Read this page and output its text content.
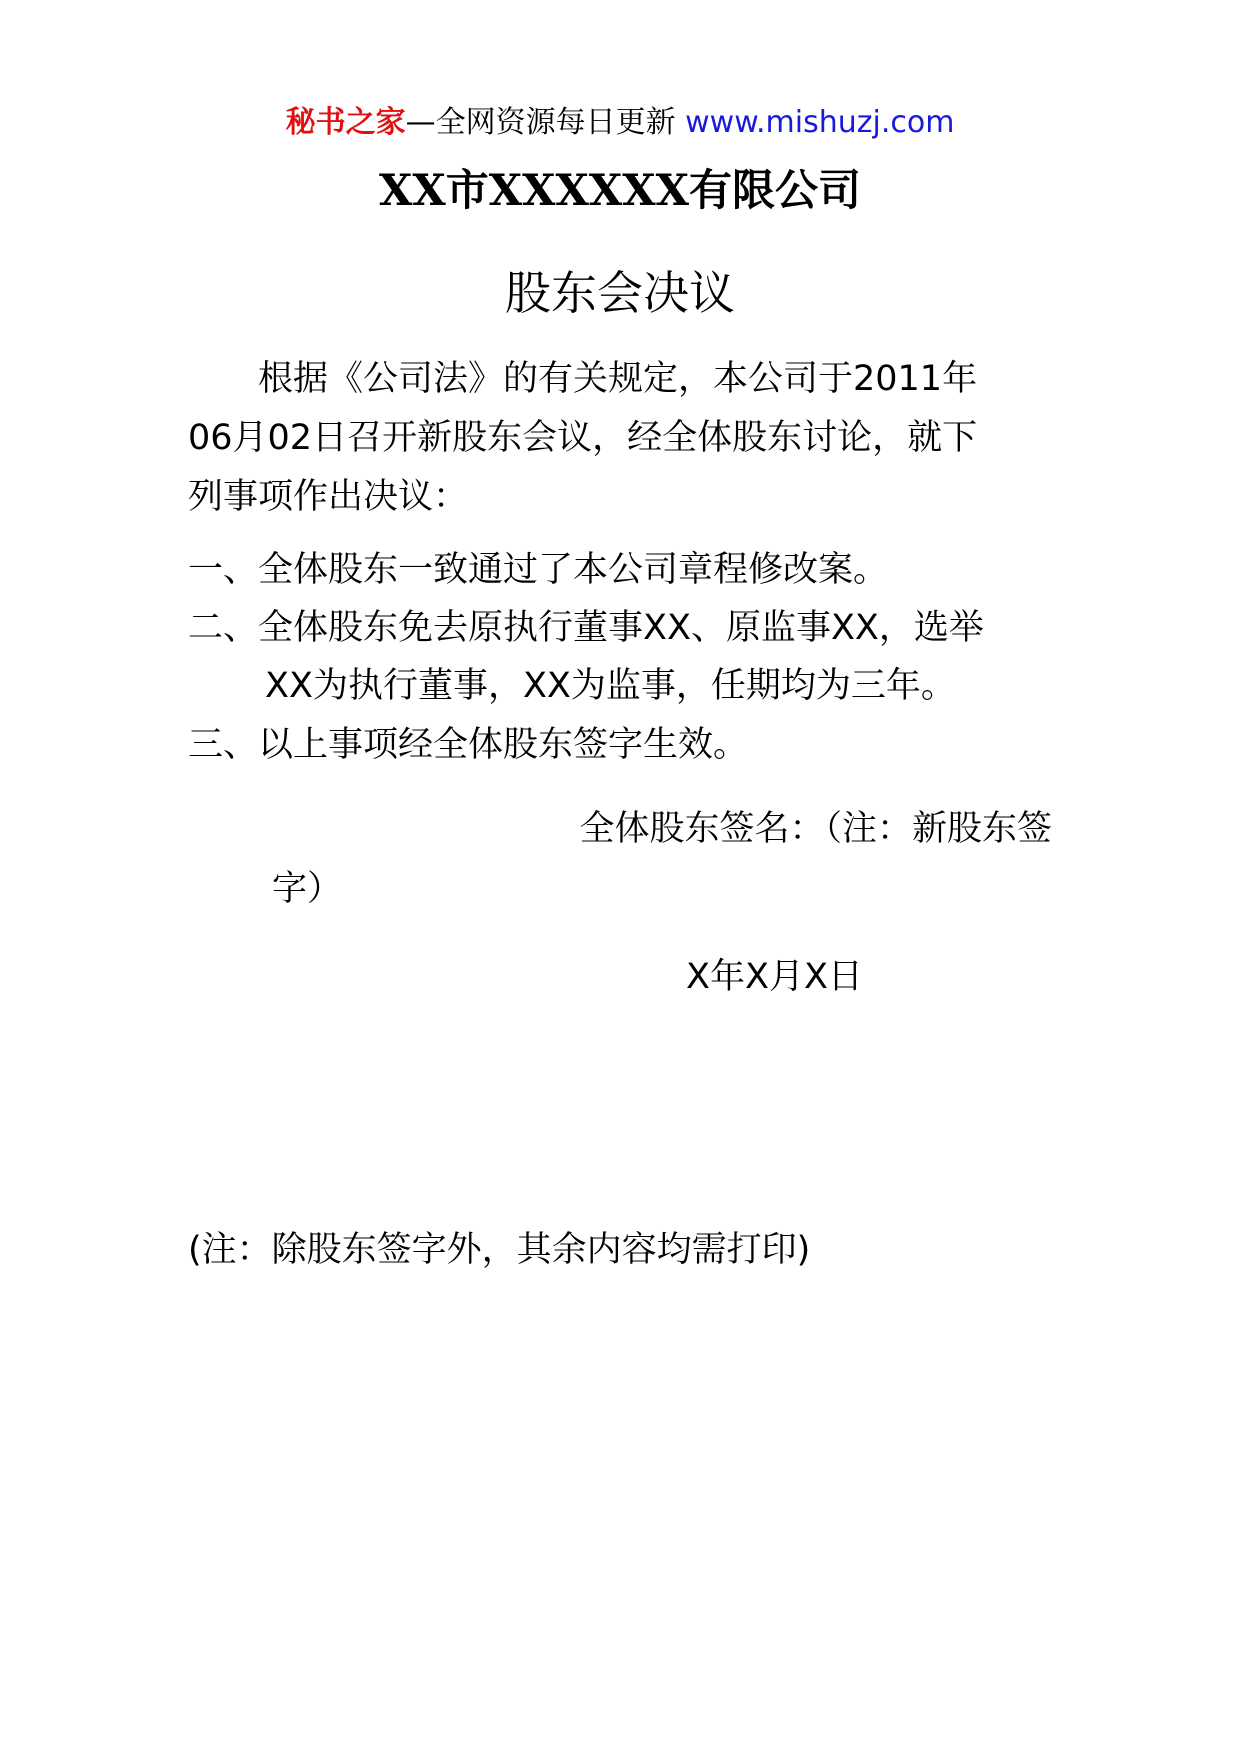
秘书之家—全网资源每日更新 www.mishuzj.com
XX市XXXXXX有限公司
股东会决议
　　根据《公司法》的有关规定，本公司于2011年
06月02日召开新股东会议，经全体股东讨论，就下
列事项作出决议：
一、全体股东一致通过了本公司章程修改案。
二、全体股东免去原执行董事XX、原监事XX，选举
XX为执行董事，XX为监事，任期均为三年。
三、以上事项经全体股东签字生效。
全体股东签名：（注：新股东签
字）
X年X月X日
(注：除股东签字外，其余内容均需打印)
